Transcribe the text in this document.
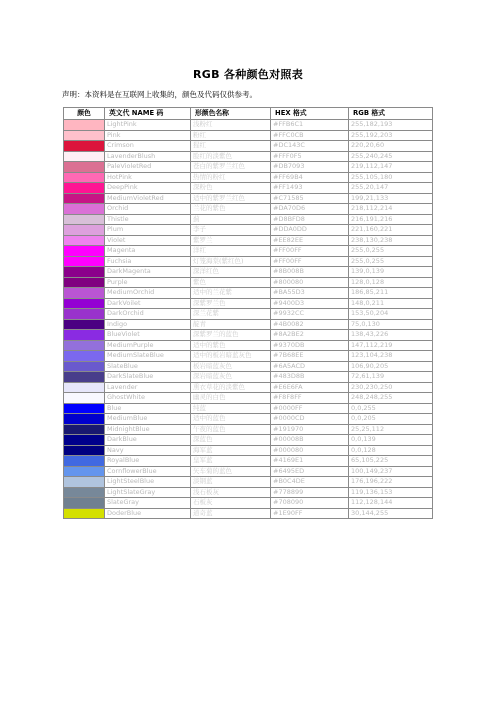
RGB 各种颜色对照表
声明：本资料是在互联网上收集的，颜色及代码仅供参考。
颜色	英文代 NAME 码	形颜色名称	HEX 格式	RGB 格式
	LightPink	浅粉红	#FFB6C1	255,182,193
	Pink	粉红	#FFC0CB	255,192,203
	Crimson	猩红	#DC143C	220,20,60
	LavenderBlush	脸红的淡紫色	#FFF0F5	255,240,245
	PaleVioletRed	苍白的紫罗兰红色	#DB7093	219,112,147
	HotPink	热情的粉红	#FF69B4	255,105,180
	DeepPink	深粉色	#FF1493	255,20,147
	MediumVioletRed	适中的紫罗兰红色	#C71585	199,21,133
	Orchid	兰花的紫色	#DA70D6	218,112,214
	Thistle	蓟	#D8BFD8	216,191,216
	Plum	李子	#DDA0DD	221,160,221
	Violet	紫罗兰	#EE82EE	238,130,238
	Magenta	洋红	#FF00FF	255,0,255
	Fuchsia	灯笼海棠(紫红色)	#FF00FF	255,0,255
	DarkMagenta	深洋红色	#8B008B	139,0,139
	Purple	紫色	#800080	128,0,128
	MediumOrchid	适中的兰花紫	#BA55D3	186,85,211
	DarkVoilet	深紫罗兰色	#9400D3	148,0,211
	DarkOrchid	深兰花紫	#9932CC	153,50,204
	Indigo	靛青	#4B0082	75,0,130
	BlueViolet	深紫罗兰的蓝色	#8A2BE2	138,43,226
	MediumPurple	适中的紫色	#9370DB	147,112,219
	MediumSlateBlue	适中的板岩暗蓝灰色	#7B68EE	123,104,238
	SlateBlue	板岩暗蓝灰色	#6A5ACD	106,90,205
	DarkSlateBlue	深岩暗蓝灰色	#483D8B	72,61,139
	Lavender	熏衣草花的淡紫色	#E6E6FA	230,230,250
	GhostWhite	幽灵的白色	#F8F8FF	248,248,255
	Blue	纯蓝	#0000FF	0,0,255
	MediumBlue	适中的蓝色	#0000CD	0,0,205
	MidnightBlue	午夜的蓝色	#191970	25,25,112
	DarkBlue	深蓝色	#00008B	0,0,139
	Navy	海军蓝	#000080	0,0,128
	RoyalBlue	皇军蓝	#4169E1	65,105,225
	CornflowerBlue	矢车菊的蓝色	#6495ED	100,149,237
	LightSteelBlue	淡钢蓝	#B0C4DE	176,196,222
	LightSlateGray	浅石板灰	#778899	119,136,153
	SlateGray	石板灰	#708090	112,128,144
	DoderBlue	道奇蓝	#1E90FF	30,144,255
